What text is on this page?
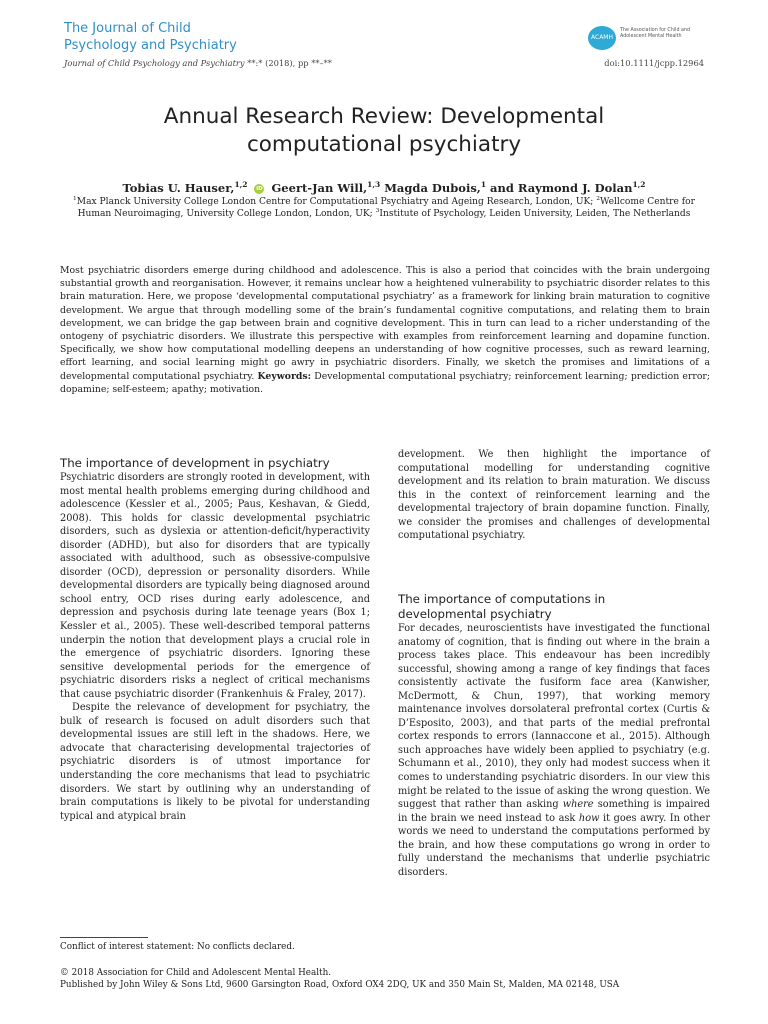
The Journal of Child
Psychology and Psychiatry
ACAMH
The Association for Child and Adolescent Mental Health
Journal of Child Psychology and Psychiatry **:* (2018), pp **–**	doi:10.1111/jcpp.12964
Annual Research Review: Developmental
computational psychiatry
Tobias U. Hauser,$^{1,2}$ iD Geert-Jan Will,$^{1,3}$ Magda Dubois,$^1$ and Raymond J. Dolan$^{1,2}$
$^1$Max Planck University College London Centre for Computational Psychiatry and Ageing Research, London, UK; $^2$Wellcome Centre for Human Neuroimaging, University College London, London, UK; $^3$Institute of Psychology, Leiden University, Leiden, The Netherlands
Most psychiatric disorders emerge during childhood and adolescence. This is also a period that coincides with the brain undergoing substantial growth and reorganisation. However, it remains unclear how a heightened vulnerability to psychiatric disorder relates to this brain maturation. Here, we propose ‘developmental computational psychiatry’ as a framework for linking brain maturation to cognitive development. We argue that through modelling some of the brain’s fundamental cognitive computations, and relating them to brain development, we can bridge the gap between brain and cognitive development. This in turn can lead to a richer understanding of the ontogeny of psychiatric disorders. We illustrate this perspective with examples from reinforcement learning and dopamine function. Specifically, we show how computational modelling deepens an understanding of how cognitive processes, such as reward learning, effort learning, and social learning might go awry in psychiatric disorders. Finally, we sketch the promises and limitations of a developmental computational psychiatry. Keywords: Developmental computational psychiatry; reinforcement learning; prediction error; dopamine; self-esteem; apathy; motivation.
The importance of development in psychiatry

Psychiatric disorders are strongly rooted in development, with most mental health problems emerging during childhood and adolescence (Kessler et al., 2005; Paus, Keshavan, & Giedd, 2008). This holds for classic developmental psychiatric disorders, such as dyslexia or attention-deficit/hyperactivity disorder (ADHD), but also for disorders that are typically associated with adulthood, such as obsessive-compulsive disorder (OCD), depression or personality disorders. While developmental disorders are typically being diagnosed around school entry, OCD rises during early adolescence, and depression and psychosis during late teenage years (Box 1; Kessler et al., 2005). These well-described temporal patterns underpin the notion that development plays a crucial role in the emergence of psychiatric disorders. Ignoring these sensitive developmental periods for the emergence of psychiatric disorders risks a neglect of critical mechanisms that cause psychiatric disorder (Frankenhuis & Fraley, 2017).

Despite the relevance of development for psychiatry, the bulk of research is focused on adult disorders such that developmental issues are still left in the shadows. Here, we advocate that characterising developmental trajectories of psychiatric disorders is of utmost importance for understanding the core mechanisms that lead to psychiatric disorders. We start by outlining why an understanding of brain computations is likely to be pivotal for understanding typical and atypical brain

development. We then highlight the importance of computational modelling for understanding cognitive development and its relation to brain maturation. We discuss this in the context of reinforcement learning and the developmental trajectory of brain dopamine function. Finally, we consider the promises and challenges of developmental computational psychiatry.

The importance of computations in
developmental psychiatry

For decades, neuroscientists have investigated the functional anatomy of cognition, that is finding out where in the brain a process takes place. This endeavour has been incredibly successful, showing among a range of key findings that faces consistently activate the fusiform face area (Kanwisher, McDermott, & Chun, 1997), that working memory maintenance involves dorsolateral prefrontal cortex (Curtis & D’Esposito, 2003), and that parts of the medial prefrontal cortex responds to errors (Iannaccone et al., 2015). Although such approaches have widely been applied to psychiatry (e.g. Schumann et al., 2010), they only had modest success when it comes to understanding psychiatric disorders. In our view this might be related to the issue of asking the wrong question. We suggest that rather than asking where something is impaired in the brain we need instead to ask how it goes awry. In other words we need to understand the computations performed by the brain, and how these computations go wrong in order to fully understand the mechanisms that underlie psychiatric disorders.

Conflict of interest statement: No conflicts declared.
© 2018 Association for Child and Adolescent Mental Health.
Published by John Wiley & Sons Ltd, 9600 Garsington Road, Oxford OX4 2DQ, UK and 350 Main St, Malden, MA 02148, USA
